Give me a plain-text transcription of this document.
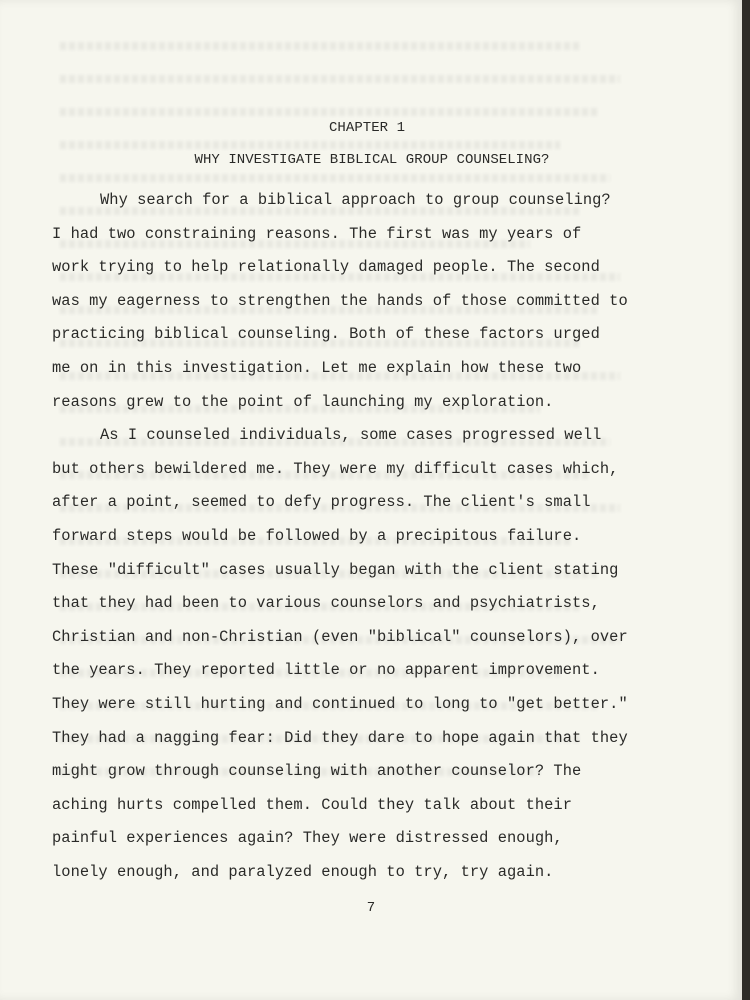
CHAPTER 1
WHY INVESTIGATE BIBLICAL GROUP COUNSELING?

Why search for a biblical approach to group counseling?
I had two constraining reasons. The first was my years of
work trying to help relationally damaged people. The second
was my eagerness to strengthen the hands of those committed to
practicing biblical counseling. Both of these factors urged
me on in this investigation. Let me explain how these two
reasons grew to the point of launching my exploration.

As I counseled individuals, some cases progressed well
but others bewildered me. They were my difficult cases which,
after a point, seemed to defy progress. The client's small
forward steps would be followed by a precipitous failure.
These "difficult" cases usually began with the client stating
that they had been to various counselors and psychiatrists,
Christian and non-Christian (even "biblical" counselors), over
the years. They reported little or no apparent improvement.
They were still hurting and continued to long to "get better."
They had a nagging fear: Did they dare to hope again that they
might grow through counseling with another counselor? The
aching hurts compelled them. Could they talk about their
painful experiences again? They were distressed enough,
lonely enough, and paralyzed enough to try, try again.

7
